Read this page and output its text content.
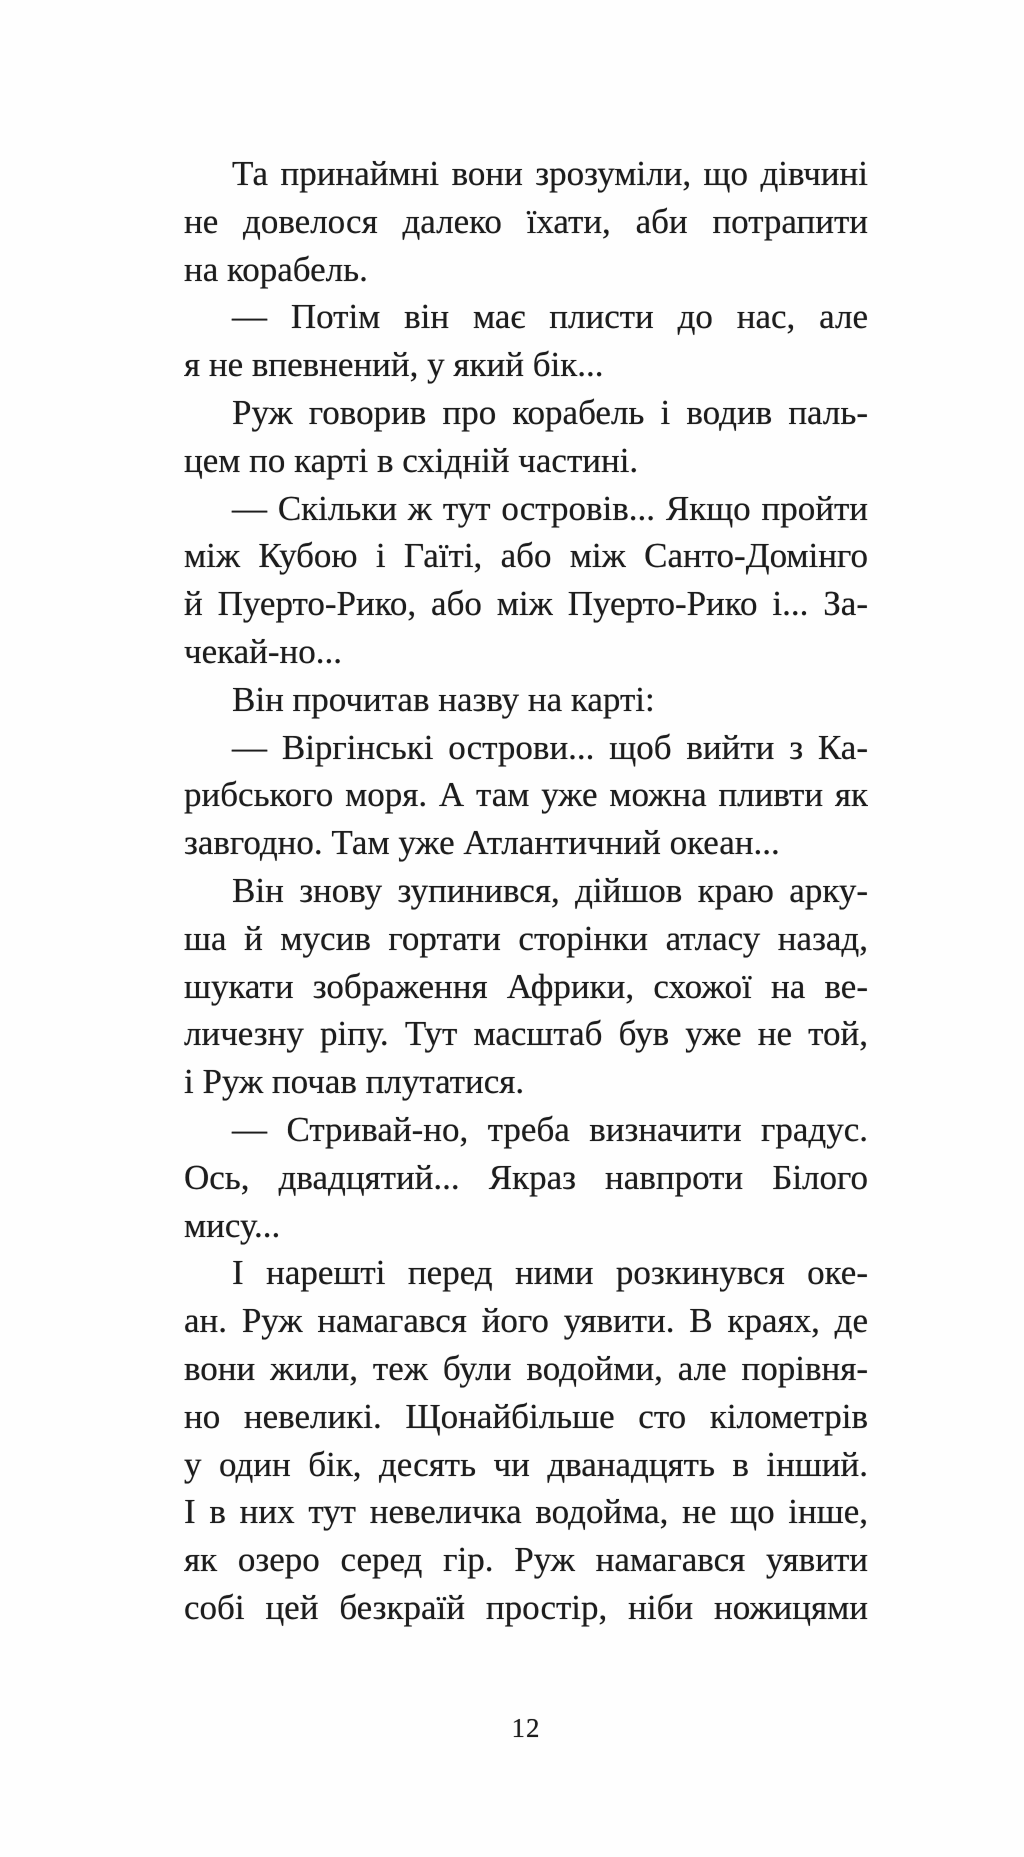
Та принаймні вони зрозуміли, що дівчині
не довелося далеко їхати, аби потрапити
на корабель.
— Потім він має плисти до нас, але
я не впевнений, у який бік...
Руж говорив про корабель і водив паль-
цем по карті в східній частині.
— Скільки ж тут островів... Якщо пройти
між Кубою і Гаїті, або між Санто-Домінго
й Пуерто-Рико, або між Пуерто-Рико і... За-
чекай-но...
Він прочитав назву на карті:
— Віргінські острови... щоб вийти з Ка-
рибського моря. А там уже можна пливти як
завгодно. Там уже Атлантичний океан...
Він знову зупинився, дійшов краю арку-
ша й мусив гортати сторінки атласу назад,
шукати зображення Африки, схожої на ве-
личезну ріпу. Тут масштаб був уже не той,
і Руж почав плутатися.
— Стривай-но, треба визначити градус.
Ось, двадцятий... Якраз навпроти Білого
мису...
І нарешті перед ними розкинувся оке-
ан. Руж намагався його уявити. В краях, де
вони жили, теж були водойми, але порівня-
но невеликі. Щонайбільше сто кілометрів
у один бік, десять чи дванадцять в інший.
І в них тут невеличка водойма, не що інше,
як озеро серед гір. Руж намагався уявити
собі цей безкраїй простір, ніби ножицями
12
